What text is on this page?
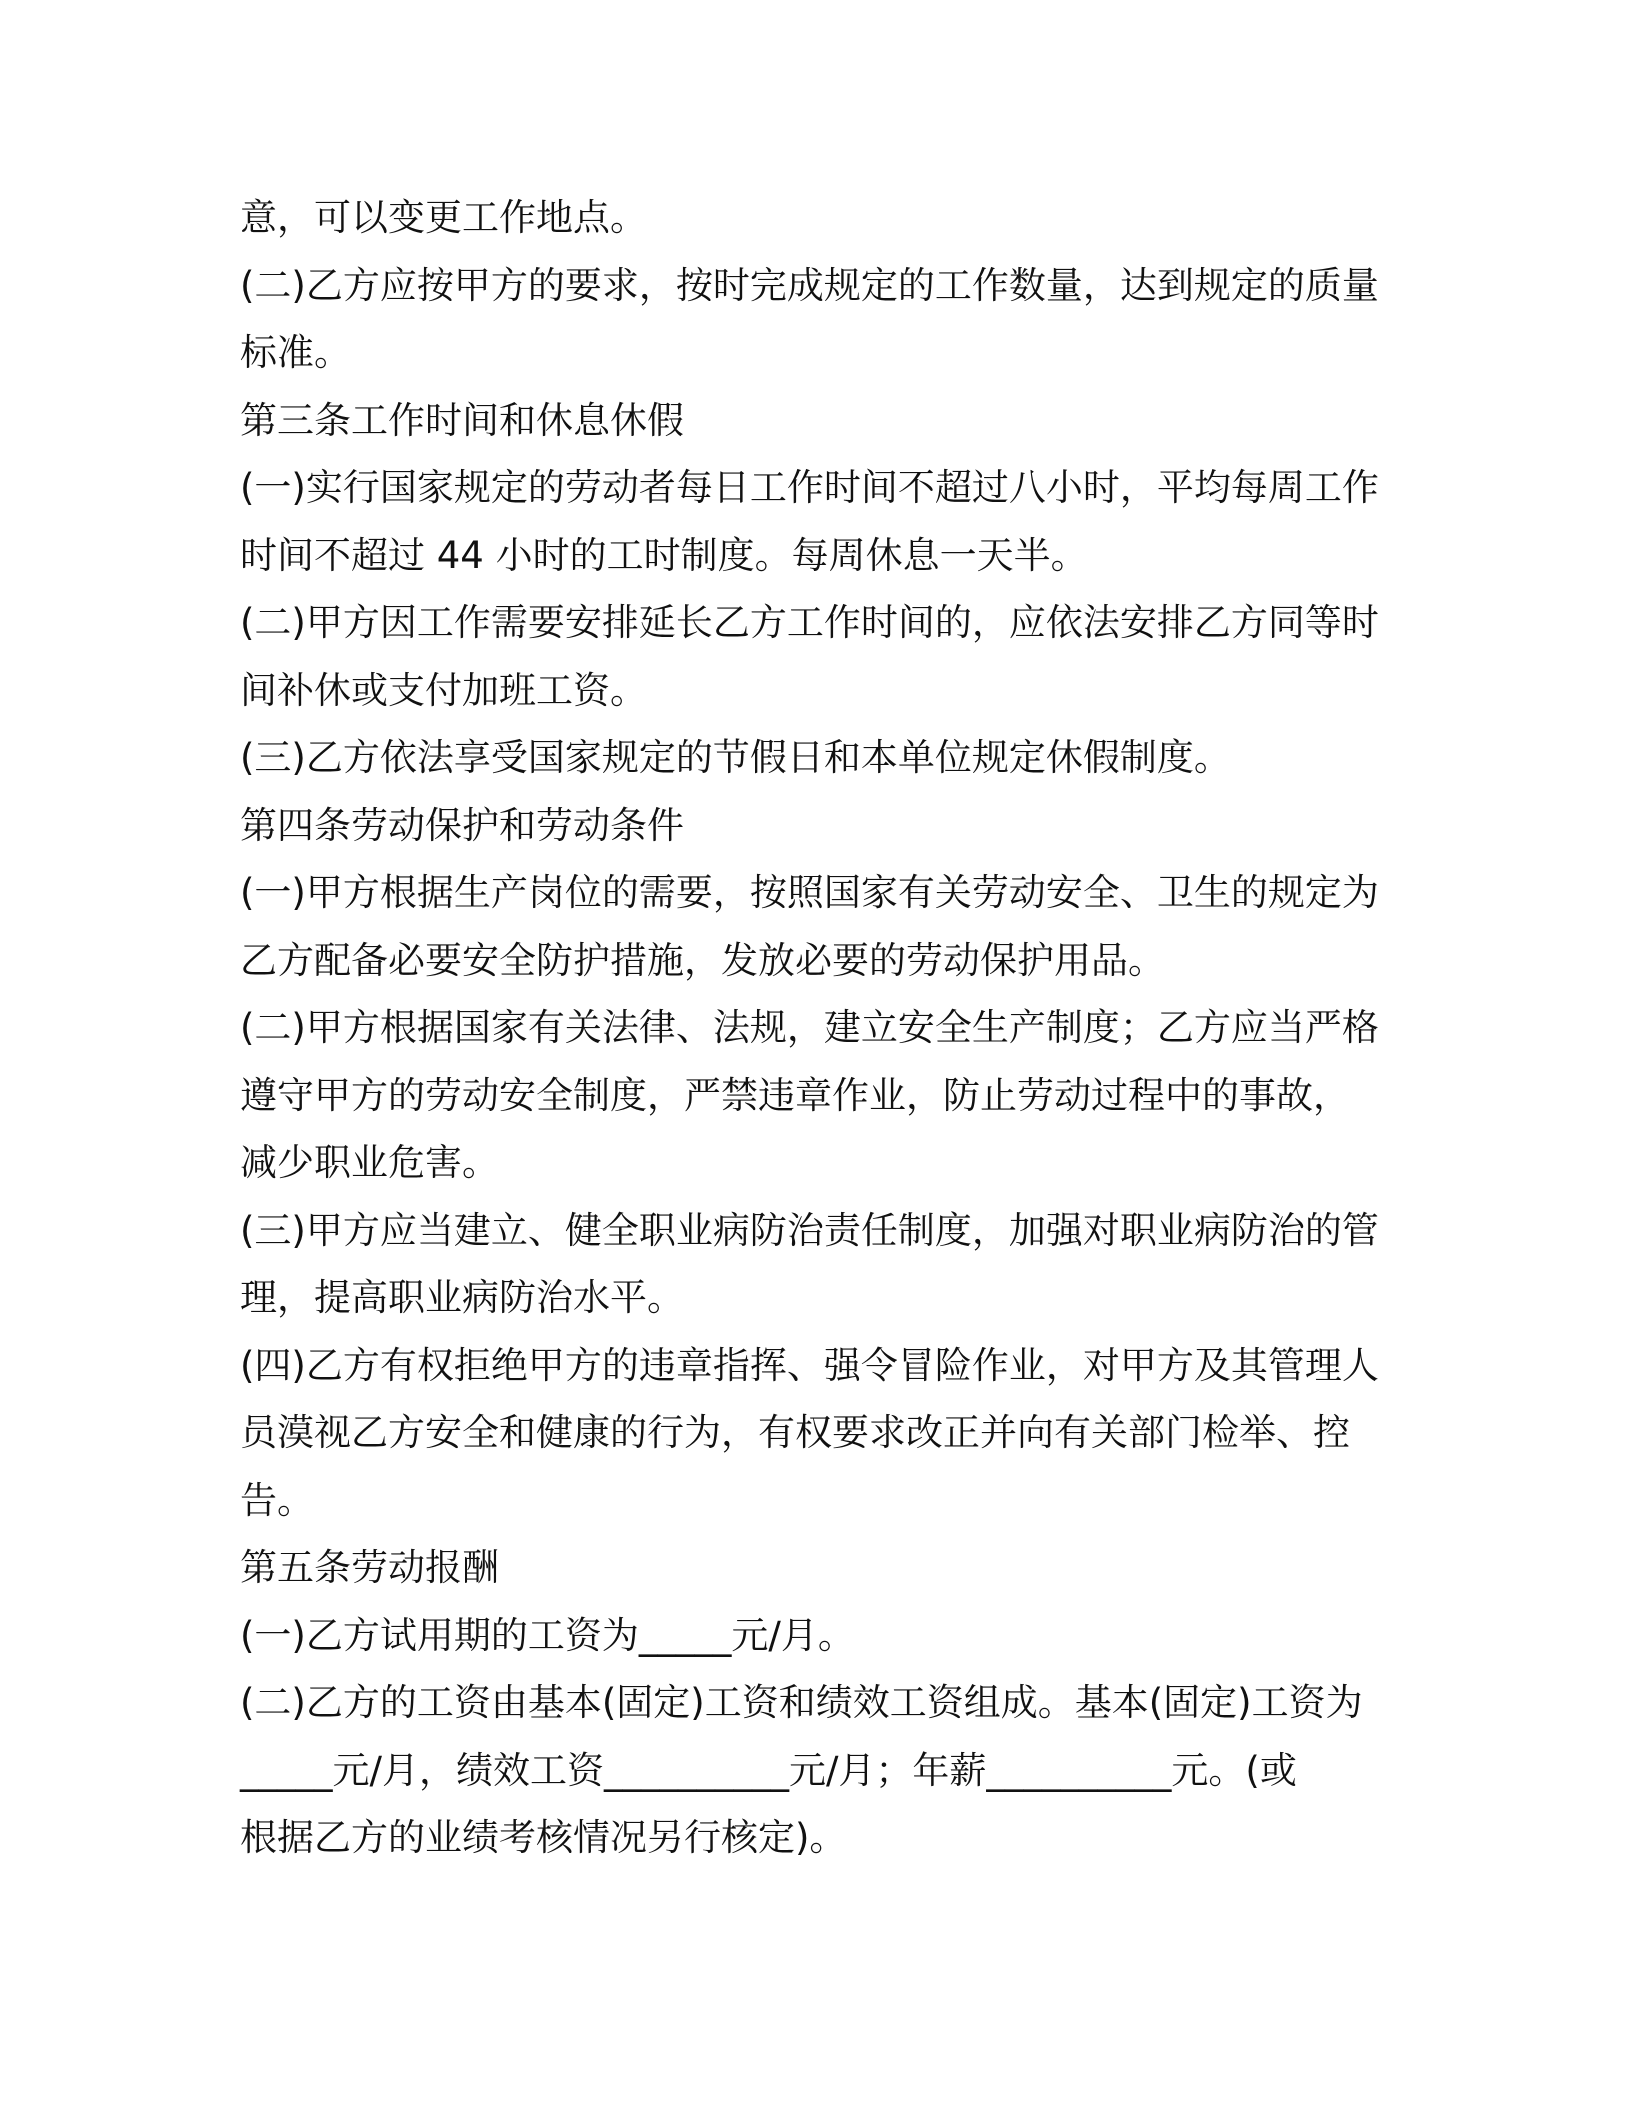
意，可以变更工作地点。
(二)乙方应按甲方的要求，按时完成规定的工作数量，达到规定的质量
标准。
第三条工作时间和休息休假
(一)实行国家规定的劳动者每日工作时间不超过八小时，平均每周工作
时间不超过 44 小时的工时制度。每周休息一天半。
(二)甲方因工作需要安排延长乙方工作时间的，应依法安排乙方同等时
间补休或支付加班工资。
(三)乙方依法享受国家规定的节假日和本单位规定休假制度。
第四条劳动保护和劳动条件
(一)甲方根据生产岗位的需要，按照国家有关劳动安全、卫生的规定为
乙方配备必要安全防护措施，发放必要的劳动保护用品。
(二)甲方根据国家有关法律、法规，建立安全生产制度；乙方应当严格
遵守甲方的劳动安全制度，严禁违章作业，防止劳动过程中的事故，
减少职业危害。
(三)甲方应当建立、健全职业病防治责任制度，加强对职业病防治的管
理，提高职业病防治水平。
(四)乙方有权拒绝甲方的违章指挥、强令冒险作业，对甲方及其管理人
员漠视乙方安全和健康的行为，有权要求改正并向有关部门检举、控
告。
第五条劳动报酬
(一)乙方试用期的工资为_____元/月。
(二)乙方的工资由基本(固定)工资和绩效工资组成。基本(固定)工资为
_____元/月，绩效工资__________元/月；年薪__________元。(或
根据乙方的业绩考核情况另行核定)。
